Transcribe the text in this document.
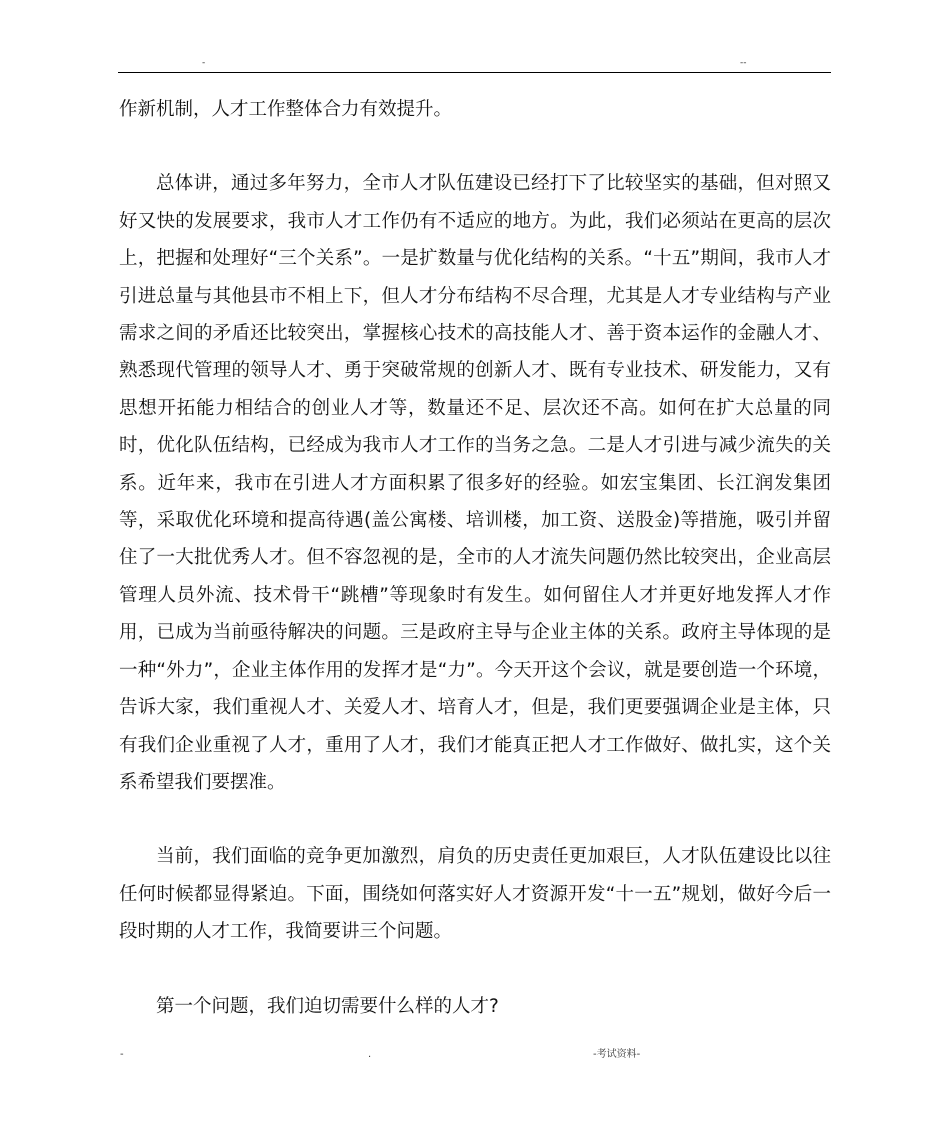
-	--

作新机制，人才工作整体合力有效提升。

总体讲，通过多年努力，全市人才队伍建设已经打下了比较坚实的基础，但对照又好又快的发展要求，我市人才工作仍有不适应的地方。为此，我们必须站在更高的层次上，把握和处理好“三个关系”。一是扩数量与优化结构的关系。“十五”期间，我市人才引进总量与其他县市不相上下，但人才分布结构不尽合理，尤其是人才专业结构与产业需求之间的矛盾还比较突出，掌握核心技术的高技能人才、善于资本运作的金融人才、熟悉现代管理的领导人才、勇于突破常规的创新人才、既有专业技术、研发能力，又有思想开拓能力相结合的创业人才等，数量还不足、层次还不高。如何在扩大总量的同时，优化队伍结构，已经成为我市人才工作的当务之急。二是人才引进与减少流失的关系。近年来，我市在引进人才方面积累了很多好的经验。如宏宝集团、长江润发集团等，采取优化环境和提高待遇(盖公寓楼、培训楼，加工资、送股金)等措施，吸引并留住了一大批优秀人才。但不容忽视的是，全市的人才流失问题仍然比较突出，企业高层管理人员外流、技术骨干“跳槽”等现象时有发生。如何留住人才并更好地发挥人才作用，已成为当前亟待解决的问题。三是政府主导与企业主体的关系。政府主导体现的是一种“外力”，企业主体作用的发挥才是“力”。今天开这个会议，就是要创造一个环境，告诉大家，我们重视人才、关爱人才、培育人才，但是，我们更要强调企业是主体，只有我们企业重视了人才，重用了人才，我们才能真正把人才工作做好、做扎实，这个关系希望我们要摆准。

当前，我们面临的竞争更加激烈，肩负的历史责任更加艰巨，人才队伍建设比以往任何时候都显得紧迫。下面，围绕如何落实好人才资源开发“十一五”规划，做好今后一段时期的人才工作，我简要讲三个问题。

第一个问题，我们迫切需要什么样的人才?

-	.	-考试资料-
